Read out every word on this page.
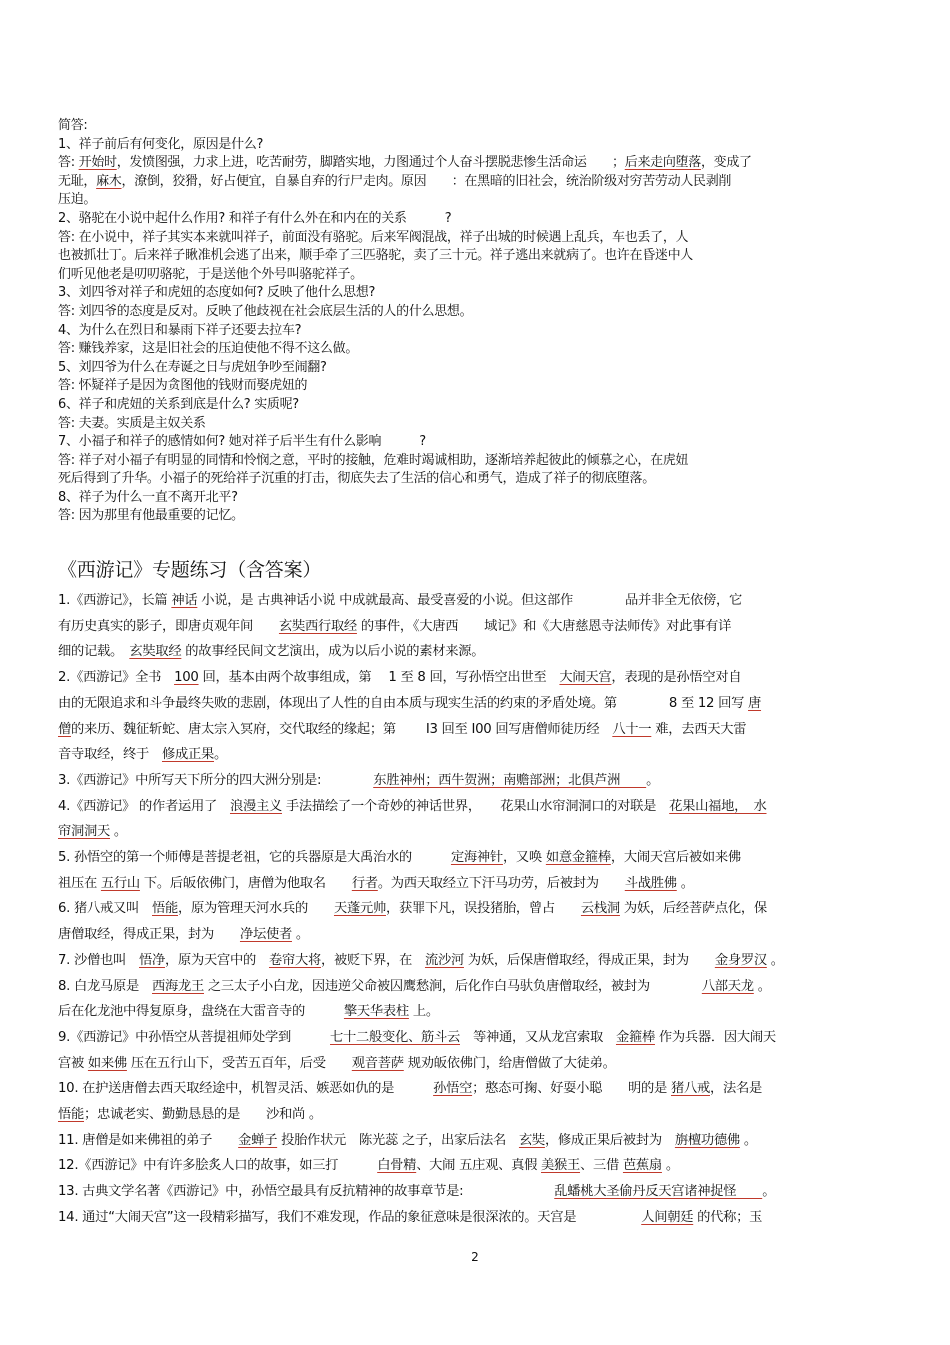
简答:
1、祥子前后有何变化，原因是什么?
答: 开始时，发愤图强，力求上进，吃苦耐劳，脚踏实地，力图通过个人奋斗摆脱悲惨生活命运　　；后来走向堕落，变成了
无耻，麻木，潦倒，狡猾，好占便宜，自暴自弃的行尸走肉。原因　　：在黑暗的旧社会，统治阶级对穷苦劳动人民剥削
压迫。
2、骆驼在小说中起什么作用? 和祥子有什么外在和内在的关系　　　?
答: 在小说中，祥子其实本来就叫祥子，前面没有骆驼。后来军阀混战，祥子出城的时候遇上乱兵，车也丢了，人
也被抓壮丁。后来祥子瞅准机会逃了出来，顺手牵了三匹骆驼，卖了三十元。祥子逃出来就病了。也许在昏迷中人
们听见他老是叨叨骆驼，于是送他个外号叫骆驼祥子。
3、刘四爷对祥子和虎妞的态度如何? 反映了他什么思想?
答: 刘四爷的态度是反对。反映了他歧视在社会底层生活的人的什么思想。
4、为什么在烈日和暴雨下祥子还要去拉车?
答: 赚钱养家，这是旧社会的压迫使他不得不这么做。
5、刘四爷为什么在寿诞之日与虎妞争吵至闹翻?
答: 怀疑祥子是因为贪图他的钱财而娶虎妞的
6、祥子和虎妞的关系到底是什么? 实质呢?
答: 夫妻。实质是主奴关系
7、小福子和祥子的感情如何? 她对祥子后半生有什么影响　　　?
答: 祥子对小福子有明显的同情和怜悯之意，平时的接触，危难时竭诚相助，逐渐培养起彼此的倾慕之心，在虎妞
死后得到了升华。小福子的死给祥子沉重的打击，彻底失去了生活的信心和勇气，造成了祥子的彻底堕落。
8、祥子为什么一直不离开北平?
答: 因为那里有他最重要的记忆。
《西游记》专题练习（含答案）
1.《西游记》，长篇 神话 小说，是 古典神话小说 中成就最高、最受喜爱的小说。但这部作　　　　品并非全无依傍，它
有历史真实的影子，即唐贞观年间　　玄奘西行取经 的事件，《大唐西　　域记》和《大唐慈恩寺法师传》对此事有详
细的记载。　玄奘取经 的故事经民间文艺演出，成为以后小说的素材来源。
2.《西游记》全书　100 回，基本由两个故事组成，第　 1 至 8 回，写孙悟空出世至　大闹天宫，表现的是孙悟空对自
由的无限追求和斗争最终失败的悲剧，体现出了人性的自由本质与现实生活的约束的矛盾处境。第　　　　8 至 12 回写 唐
僧的来历、魏征斩蛇、唐太宗入冥府，交代取经的缘起；第　　 I3 回至 I00 回写唐僧师徒历经　八十一 难，去西天大雷
音寺取经，终于　修成正果。
3.《西游记》中所写天下所分的四大洲分别是:　　　　东胜神州；西牛贺洲；南赡部洲；北俱芦洲　　。
4.《西游记》 的作者运用了　浪漫主义 手法描绘了一个奇妙的神话世界，　　花果山水帘洞洞口的对联是　花果山福地，　水
帘洞洞天 。
5. 孙悟空的第一个师傅是菩提老祖，它的兵器原是大禹治水的　　　定海神针，又唤 如意金箍棒，大闹天宫后被如来佛
祖压在 五行山 下。后皈依佛门，唐僧为他取名　　行者。为西天取经立下汗马功劳，后被封为　　斗战胜佛 。
6. 猪八戒又叫　悟能，原为管理天河水兵的　　天蓬元帅，获罪下凡，误投猪胎，曾占　　云栈洞 为妖，后经菩萨点化，保
唐僧取经，得成正果，封为　　净坛使者 。
7. 沙僧也叫　悟净，原为天宫中的　卷帘大将，被贬下界，在　流沙河 为妖，后保唐僧取经，得成正果，封为　　金身罗汉 。
8. 白龙马原是　西海龙王 之三太子小白龙，因违逆父命被囚鹰愁涧，后化作白马驮负唐僧取经，被封为　　　　八部天龙 。
后在化龙池中得复原身，盘绕在大雷音寺的　　　擎天华表柱 上。
9.《西游记》中孙悟空从菩提祖师处学到　　　七十二般变化、筋斗云　等神通，又从龙宫索取　金箍棒 作为兵器．因大闹天
宫被 如来佛 压在五行山下，受苦五百年，后受　　观音菩萨 规劝皈依佛门，给唐僧做了大徒弟。
10. 在护送唐僧去西天取经途中，机智灵活、嫉恶如仇的是　　　孙悟空；憨态可掬、好耍小聪　　明的是 猪八戒，法名是
悟能；忠诚老实、勤勤恳恳的是　　沙和尚 。
11. 唐僧是如来佛祖的弟子　　金蝉子 投胎作状元　陈光蕊 之子，出家后法名　玄奘，修成正果后被封为　旃檀功德佛 。
12.《西游记》中有许多脍炙人口的故事，如三打　　　白骨精、大闹 五庄观、真假 美猴王、三借 芭蕉扇 。
13. 古典文学名著《西游记》中，孙悟空最具有反抗精神的故事章节是:　　　　　　　乱蟠桃大圣偷丹反天宫诸神捉怪　　。
14. 通过“大闹天宫”这一段精彩描写，我们不难发现，作品的象征意味是很深浓的。天宫是　　　　　人间朝廷 的代称；玉
2
